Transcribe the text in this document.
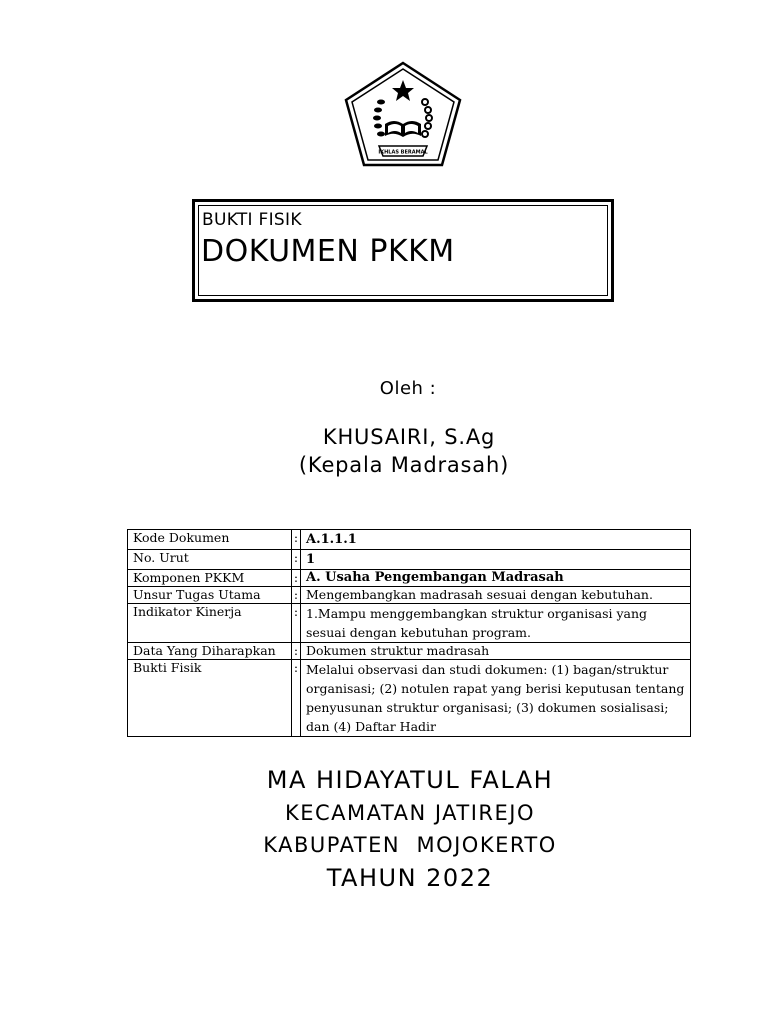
IKHLAS BERAMAL
BUKTI FISIK
DOKUMEN PKKM
Oleh :
KHUSAIRI, S.Ag
(Kepala Madrasah)
Kode Dokumen	:	A.1.1.1
No. Urut	:	1
Komponen PKKM	:	A. Usaha Pengembangan Madrasah
Unsur Tugas Utama	:	Mengembangkan madrasah sesuai dengan kebutuhan.
Indikator Kinerja	:	1.Mampu menggembangkan struktur organisasi yang sesuai dengan kebutuhan program.
Data Yang Diharapkan	:	Dokumen struktur madrasah
Bukti Fisik	:	Melalui observasi dan studi dokumen: (1) bagan/struktur organisasi; (2) notulen rapat yang berisi keputusan tentang penyusunan struktur organisasi; (3) dokumen sosialisasi; dan (4) Daftar Hadir
MA HIDAYATUL FALAH
KECAMATAN JATIREJO
KABUPATEN  MOJOKERTO
TAHUN 2022
